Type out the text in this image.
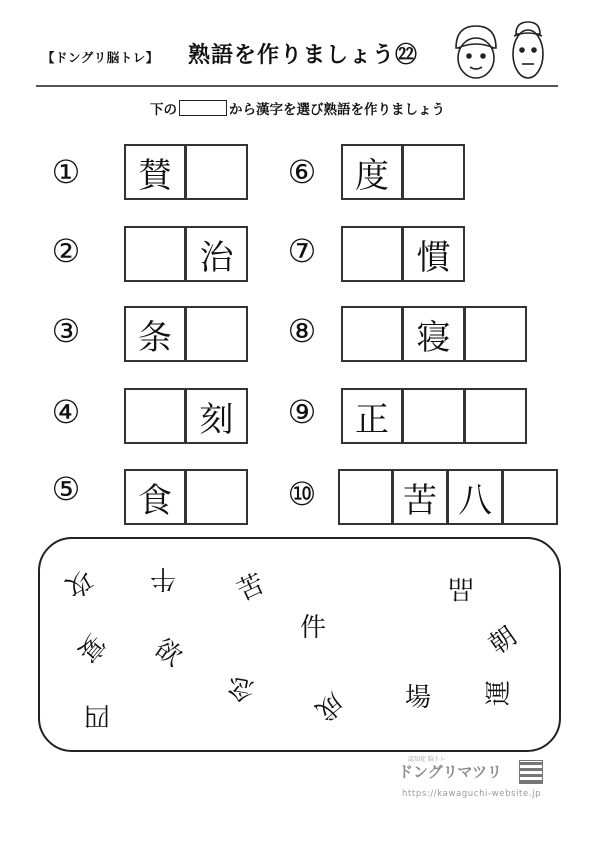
【ドングリ脳トレ】 熟語を作りましょう㉒
下の	から漢字を選び熟語を作りましょう
①	賛
②	治
③	条
④	刻
⑤	食
⑥	度
⑦	慣
⑧	寝
⑨	正
⑩	苦 八
攻 牛 苦	品
件	朝
宴 欲
念 成 場 運
四
認知症 脳トレ
ドングリマツリ
https://kawaguchi-website.jp
